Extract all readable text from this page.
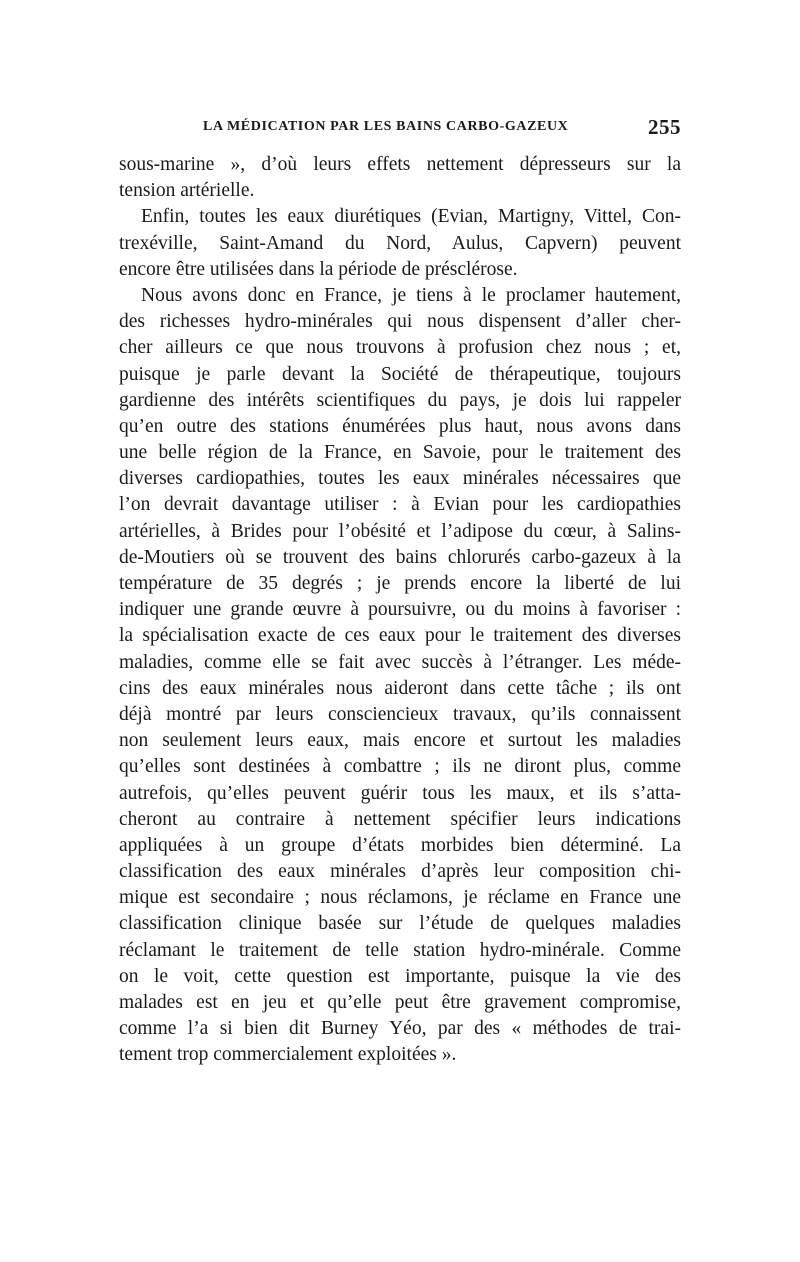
LA MÉDICATION PAR LES BAINS CARBO-GAZEUX	255
sous-marine », d’où leurs effets nettement dépresseurs sur la
tension artérielle.
Enfin, toutes les eaux diurétiques (Evian, Martigny, Vittel, Con-
trexéville, Saint-Amand du Nord, Aulus, Capvern) peuvent
encore être utilisées dans la période de présclérose.
Nous avons donc en France, je tiens à le proclamer hautement,
des richesses hydro-minérales qui nous dispensent d’aller cher-
cher ailleurs ce que nous trouvons à profusion chez nous ; et,
puisque je parle devant la Société de thérapeutique, toujours
gardienne des intérêts scientifiques du pays, je dois lui rappeler
qu’en outre des stations énumérées plus haut, nous avons dans
une belle région de la France, en Savoie, pour le traitement des
diverses cardiopathies, toutes les eaux minérales nécessaires que
l’on devrait davantage utiliser : à Evian pour les cardiopathies
artérielles, à Brides pour l’obésité et l’adipose du cœur, à Salins-
de-Moutiers où se trouvent des bains chlorurés carbo-gazeux à la
température de 35 degrés ; je prends encore la liberté de lui
indiquer une grande œuvre à poursuivre, ou du moins à favoriser :
la spécialisation exacte de ces eaux pour le traitement des diverses
maladies, comme elle se fait avec succès à l’étranger. Les méde-
cins des eaux minérales nous aideront dans cette tâche ; ils ont
déjà montré par leurs consciencieux travaux, qu’ils connaissent
non seulement leurs eaux, mais encore et surtout les maladies
qu’elles sont destinées à combattre ; ils ne diront plus, comme
autrefois, qu’elles peuvent guérir tous les maux, et ils s’atta-
cheront au contraire à nettement spécifier leurs indications
appliquées à un groupe d’états morbides bien déterminé. La
classification des eaux minérales d’après leur composition chi-
mique est secondaire ; nous réclamons, je réclame en France une
classification clinique basée sur l’étude de quelques maladies
réclamant le traitement de telle station hydro-minérale. Comme
on le voit, cette question est importante, puisque la vie des
malades est en jeu et qu’elle peut être gravement compromise,
comme l’a si bien dit Burney Yéo, par des « méthodes de trai-
tement trop commercialement exploitées ».
